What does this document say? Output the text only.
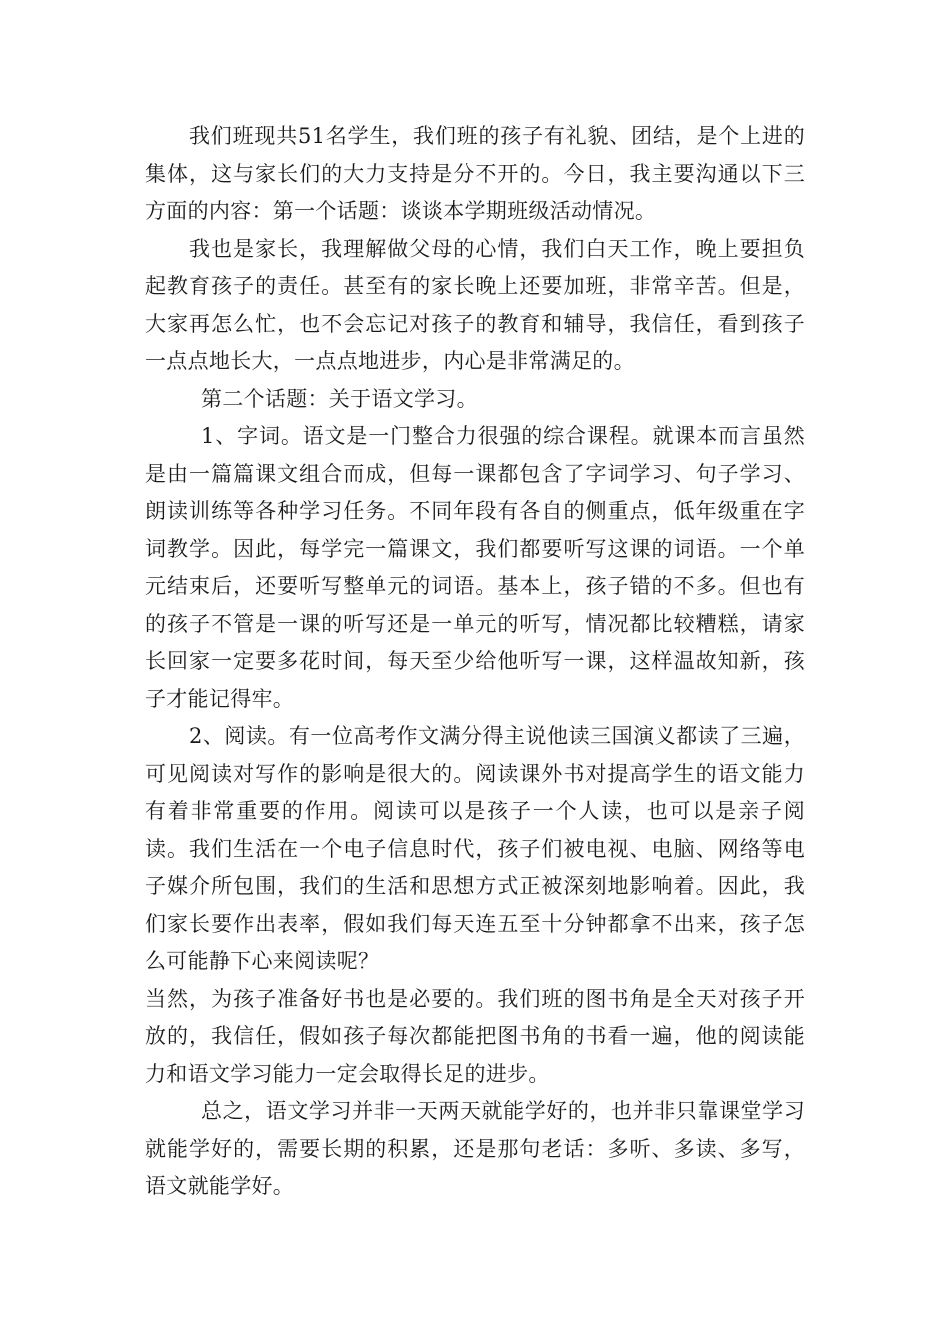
我们班现共51名学生，我们班的孩子有礼貌、团结，是个上进的集体，这与家长们的大力支持是分不开的。今日，我主要沟通以下三方面的内容：第一个话题：谈谈本学期班级活动情况。

我也是家长，我理解做父母的心情，我们白天工作，晚上要担负起教育孩子的责任。甚至有的家长晚上还要加班，非常辛苦。但是，大家再怎么忙，也不会忘记对孩子的教育和辅导，我信任，看到孩子一点点地长大，一点点地进步，内心是非常满足的。

第二个话题：关于语文学习。

1、字词。语文是一门整合力很强的综合课程。就课本而言虽然是由一篇篇课文组合而成，但每一课都包含了字词学习、句子学习、朗读训练等各种学习任务。不同年段有各自的侧重点，低年级重在字词教学。因此，每学完一篇课文，我们都要听写这课的词语。一个单元结束后，还要听写整单元的词语。基本上，孩子错的不多。但也有的孩子不管是一课的听写还是一单元的听写，情况都比较糟糕，请家长回家一定要多花时间，每天至少给他听写一课，这样温故知新，孩子才能记得牢。

2、阅读。有一位高考作文满分得主说他读三国演义都读了三遍，可见阅读对写作的影响是很大的。阅读课外书对提高学生的语文能力有着非常重要的作用。阅读可以是孩子一个人读，也可以是亲子阅读。我们生活在一个电子信息时代，孩子们被电视、电脑、网络等电子媒介所包围，我们的生活和思想方式正被深刻地影响着。因此，我们家长要作出表率，假如我们每天连五至十分钟都拿不出来，孩子怎么可能静下心来阅读呢？

当然，为孩子准备好书也是必要的。我们班的图书角是全天对孩子开放的，我信任，假如孩子每次都能把图书角的书看一遍，他的阅读能力和语文学习能力一定会取得长足的进步。

总之，语文学习并非一天两天就能学好的，也并非只靠课堂学习就能学好的，需要长期的积累，还是那句老话：多听、多读、多写，语文就能学好。
